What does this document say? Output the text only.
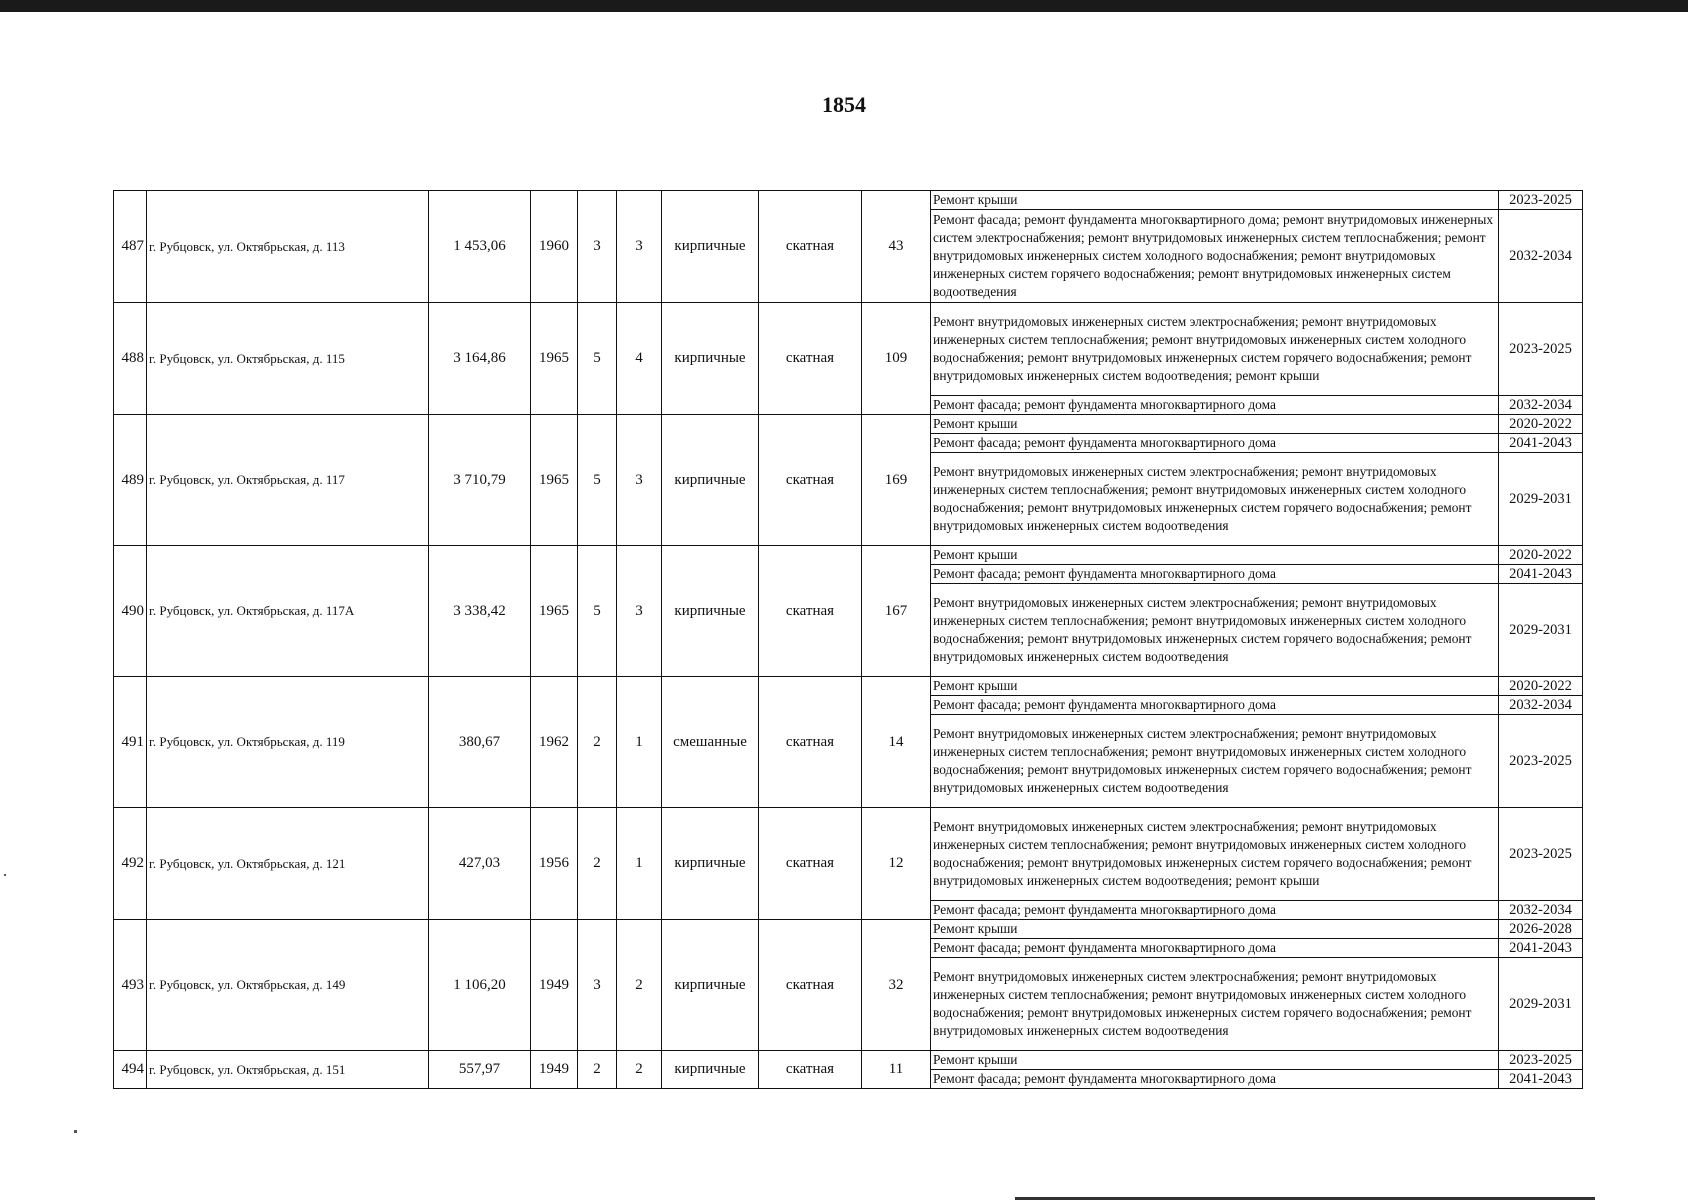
1854
487	г. Рубцовск, ул. Октябрьская, д. 113	1 453,06	1960	3	3	кирпичные	скатная	43	Ремонт крыши	2023-2025
									Ремонт фасада; ремонт фундамента многоквартирного дома; ремонт внутридомовых инженерных систем электроснабжения; ремонт внутридомовых инженерных систем теплоснабжения; ремонт внутридомовых инженерных систем холодного водоснабжения; ремонт внутридомовых инженерных систем горячего водоснабжения; ремонт внутридомовых инженерных систем водоотведения	2032-2034
488	г. Рубцовск, ул. Октябрьская, д. 115	3 164,86	1965	5	4	кирпичные	скатная	109	Ремонт внутридомовых инженерных систем электроснабжения; ремонт внутридомовых инженерных систем теплоснабжения; ремонт внутридомовых инженерных систем холодного водоснабжения; ремонт внутридомовых инженерных систем горячего водоснабжения; ремонт внутридомовых инженерных систем водоотведения; ремонт крыши	2023-2025
									Ремонт фасада; ремонт фундамента многоквартирного дома	2032-2034
489	г. Рубцовск, ул. Октябрьская, д. 117	3 710,79	1965	5	3	кирпичные	скатная	169	Ремонт крыши	2020-2022
									Ремонт фасада; ремонт фундамента многоквартирного дома	2041-2043
									Ремонт внутридомовых инженерных систем электроснабжения; ремонт внутридомовых инженерных систем теплоснабжения; ремонт внутридомовых инженерных систем холодного водоснабжения; ремонт внутридомовых инженерных систем горячего водоснабжения; ремонт внутридомовых инженерных систем водоотведения	2029-2031
490	г. Рубцовск, ул. Октябрьская, д. 117А	3 338,42	1965	5	3	кирпичные	скатная	167	Ремонт крыши	2020-2022
									Ремонт фасада; ремонт фундамента многоквартирного дома	2041-2043
									Ремонт внутридомовых инженерных систем электроснабжения; ремонт внутридомовых инженерных систем теплоснабжения; ремонт внутридомовых инженерных систем холодного водоснабжения; ремонт внутридомовых инженерных систем горячего водоснабжения; ремонт внутридомовых инженерных систем водоотведения	2029-2031
491	г. Рубцовск, ул. Октябрьская, д. 119	380,67	1962	2	1	смешанные	скатная	14	Ремонт крыши	2020-2022
									Ремонт фасада; ремонт фундамента многоквартирного дома	2032-2034
									Ремонт внутридомовых инженерных систем электроснабжения; ремонт внутридомовых инженерных систем теплоснабжения; ремонт внутридомовых инженерных систем холодного водоснабжения; ремонт внутридомовых инженерных систем горячего водоснабжения; ремонт внутридомовых инженерных систем водоотведения	2023-2025
492	г. Рубцовск, ул. Октябрьская, д. 121	427,03	1956	2	1	кирпичные	скатная	12	Ремонт внутридомовых инженерных систем электроснабжения; ремонт внутридомовых инженерных систем теплоснабжения; ремонт внутридомовых инженерных систем холодного водоснабжения; ремонт внутридомовых инженерных систем горячего водоснабжения; ремонт внутридомовых инженерных систем водоотведения; ремонт крыши	2023-2025
									Ремонт фасада; ремонт фундамента многоквартирного дома	2032-2034
493	г. Рубцовск, ул. Октябрьская, д. 149	1 106,20	1949	3	2	кирпичные	скатная	32	Ремонт крыши	2026-2028
									Ремонт фасада; ремонт фундамента многоквартирного дома	2041-2043
									Ремонт внутридомовых инженерных систем электроснабжения; ремонт внутридомовых инженерных систем теплоснабжения; ремонт внутридомовых инженерных систем холодного водоснабжения; ремонт внутридомовых инженерных систем горячего водоснабжения; ремонт внутридомовых инженерных систем водоотведения	2029-2031
494	г. Рубцовск, ул. Октябрьская, д. 151	557,97	1949	2	2	кирпичные	скатная	11	Ремонт крыши	2023-2025
									Ремонт фасада; ремонт фундамента многоквартирного дома	2041-2043
